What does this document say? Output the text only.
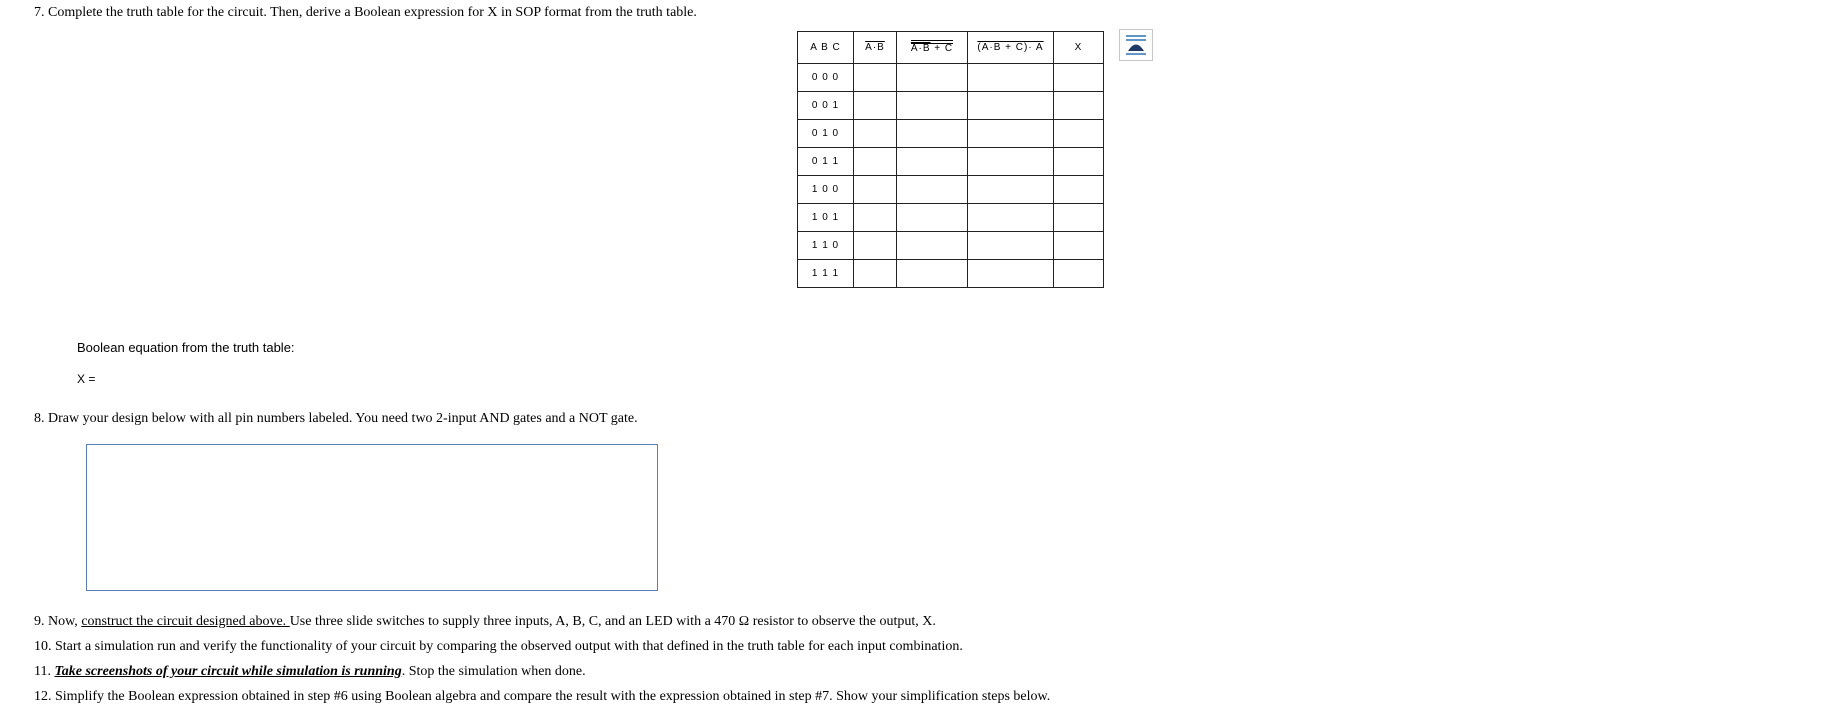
7. Complete the truth table for the circuit. Then, derive a Boolean expression for X in SOP format from the truth table.
A B C	A·B	A·B + C	(A·B + C)· A	X
0 0 0				
0 0 1				
0 1 0				
0 1 1				
1 0 0				
1 0 1				
1 1 0				
1 1 1				
Boolean equation from the truth table:
X =
8. Draw your design below with all pin numbers labeled. You need two 2-input AND gates and a NOT gate.
9. Now, construct the circuit designed above. Use three slide switches to supply three inputs, A, B, C, and an LED with a 470 Ω resistor to observe the output, X.
10. Start a simulation run and verify the functionality of your circuit by comparing the observed output with that defined in the truth table for each input combination.
11. Take screenshots of your circuit while simulation is running. Stop the simulation when done.
12. Simplify the Boolean expression obtained in step #6 using Boolean algebra and compare the result with the expression obtained in step #7. Show your simplification steps below.
